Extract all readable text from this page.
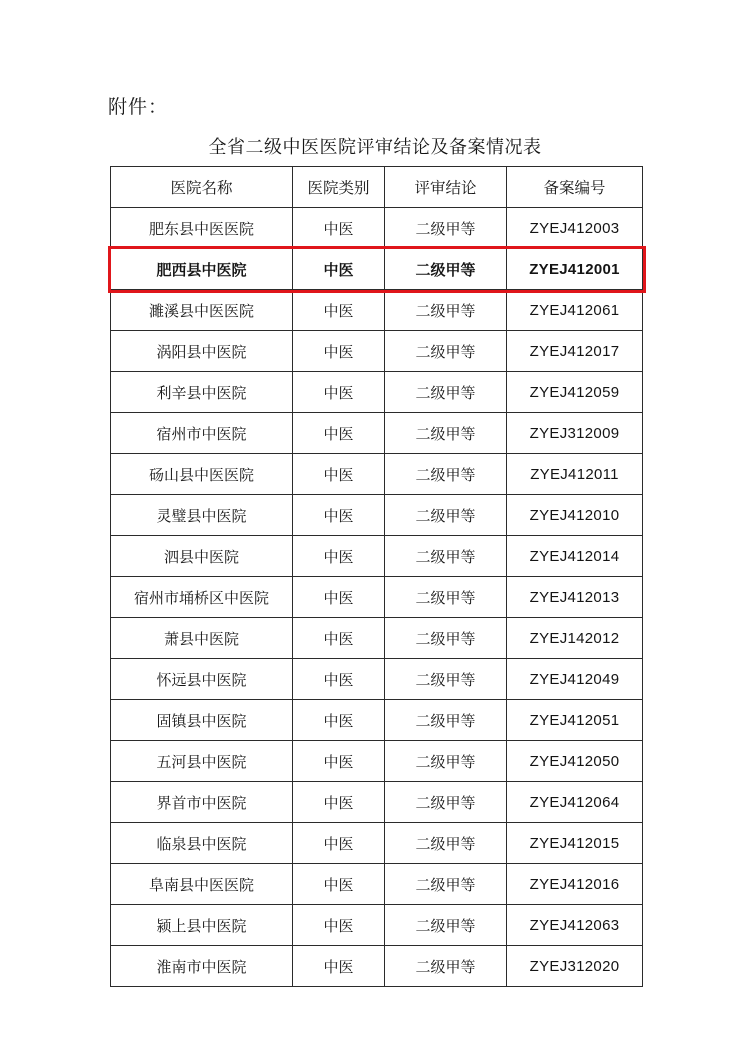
附件：
全省二级中医医院评审结论及备案情况表
医院名称	医院类别	评审结论	备案编号
肥东县中医医院	中医	二级甲等	ZYEJ412003
肥西县中医院	中医	二级甲等	ZYEJ412001
濉溪县中医医院	中医	二级甲等	ZYEJ412061
涡阳县中医院	中医	二级甲等	ZYEJ412017
利辛县中医院	中医	二级甲等	ZYEJ412059
宿州市中医院	中医	二级甲等	ZYEJ312009
砀山县中医医院	中医	二级甲等	ZYEJ412011
灵璧县中医院	中医	二级甲等	ZYEJ412010
泗县中医院	中医	二级甲等	ZYEJ412014
宿州市埇桥区中医院	中医	二级甲等	ZYEJ412013
萧县中医院	中医	二级甲等	ZYEJ142012
怀远县中医院	中医	二级甲等	ZYEJ412049
固镇县中医院	中医	二级甲等	ZYEJ412051
五河县中医院	中医	二级甲等	ZYEJ412050
界首市中医院	中医	二级甲等	ZYEJ412064
临泉县中医院	中医	二级甲等	ZYEJ412015
阜南县中医医院	中医	二级甲等	ZYEJ412016
颍上县中医院	中医	二级甲等	ZYEJ412063
淮南市中医院	中医	二级甲等	ZYEJ312020
